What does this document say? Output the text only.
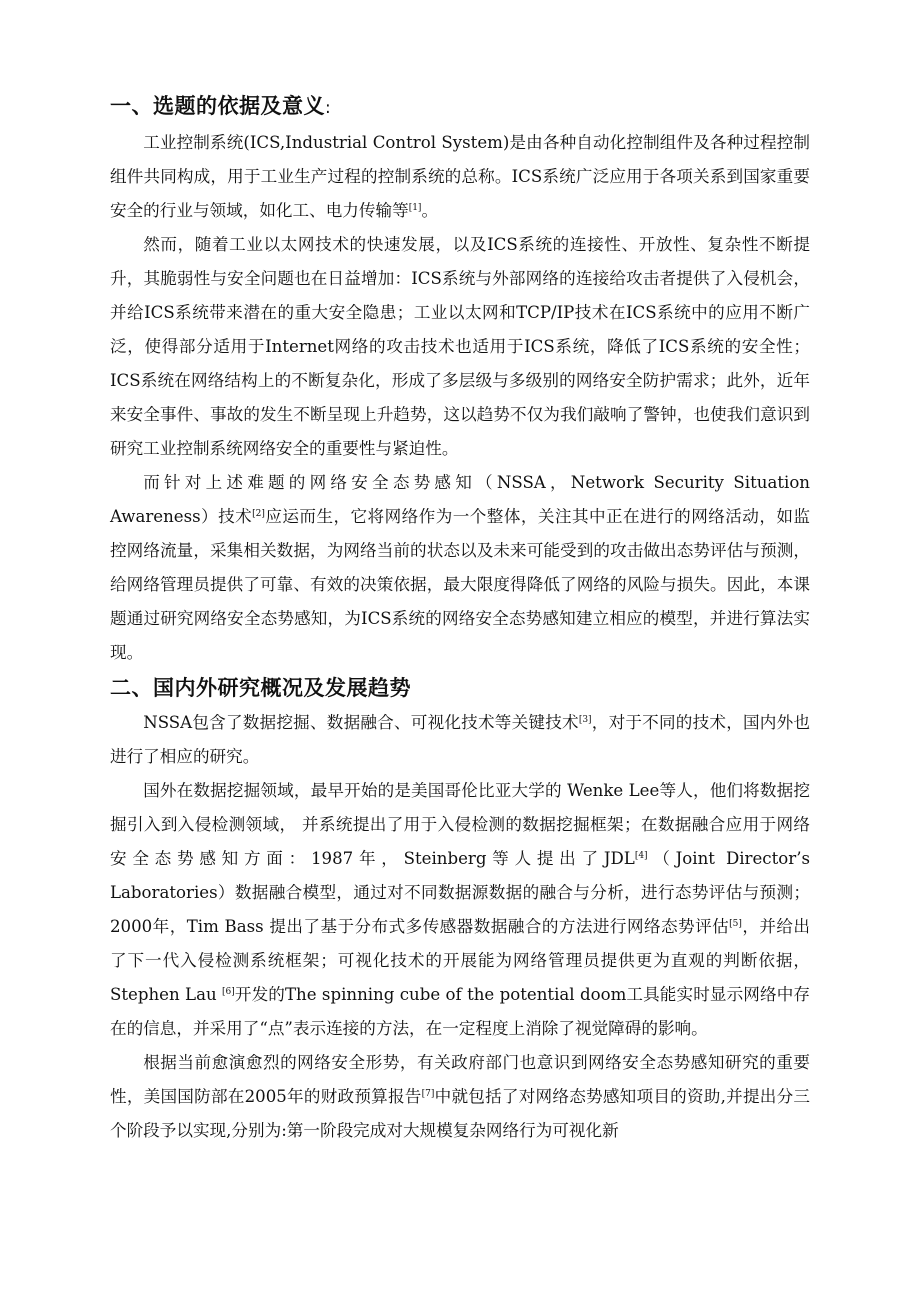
一、选题的依据及意义:

工业控制系统(ICS,Industrial Control System)是由各种自动化控制组件及各种过程控制组件共同构成，用于工业生产过程的控制系统的总称。ICS系统广泛应用于各项关系到国家重要安全的行业与领域，如化工、电力传输等[1]。

然而，随着工业以太网技术的快速发展，以及ICS系统的连接性、开放性、复杂性不断提升，其脆弱性与安全问题也在日益增加：ICS系统与外部网络的连接给攻击者提供了入侵机会，并给ICS系统带来潜在的重大安全隐患；工业以太网和TCP/IP技术在ICS系统中的应用不断广泛，使得部分适用于Internet网络的攻击技术也适用于ICS系统，降低了ICS系统的安全性；ICS系统在网络结构上的不断复杂化，形成了多层级与多级别的网络安全防护需求；此外，近年来安全事件、事故的发生不断呈现上升趋势，这以趋势不仅为我们敲响了警钟，也使我们意识到研究工业控制系统网络安全的重要性与紧迫性。

而针对上述难题的网络安全态势感知（NSSA，Network Security Situation Awareness）技术[2]应运而生，它将网络作为一个整体，关注其中正在进行的网络活动，如监控网络流量，采集相关数据，为网络当前的状态以及未来可能受到的攻击做出态势评估与预测，给网络管理员提供了可靠、有效的决策依据，最大限度得降低了网络的风险与损失。因此，本课题通过研究网络安全态势感知，为ICS系统的网络安全态势感知建立相应的模型，并进行算法实现。

二、国内外研究概况及发展趋势

NSSA包含了数据挖掘、数据融合、可视化技术等关键技术[3]，对于不同的技术，国内外也进行了相应的研究。

国外在数据挖掘领域，最早开始的是美国哥伦比亚大学的 Wenke Lee等人，他们将数据挖掘引入到入侵检测领域， 并系统提出了用于入侵检测的数据挖掘框架；在数据融合应用于网络安全态势感知方面：1987年，Steinberg等人提出了JDL[4]（Joint Director’s Laboratories）数据融合模型，通过对不同数据源数据的融合与分析，进行态势评估与预测；2000年，Tim Bass 提出了基于分布式多传感器数据融合的方法进行网络态势评估[5]，并给出了下一代入侵检测系统框架；可视化技术的开展能为网络管理员提供更为直观的判断依据，Stephen Lau [6]开发的The spinning cube of the potential doom工具能实时显示网络中存在的信息，并采用了“点”表示连接的方法，在一定程度上消除了视觉障碍的影响。

根据当前愈演愈烈的网络安全形势，有关政府部门也意识到网络安全态势感知研究的重要性，美国国防部在2005年的财政预算报告[7]中就包括了对网络态势感知项目的资助,并提出分三个阶段予以实现,分别为:第一阶段完成对大规模复杂网络行为可视化新
